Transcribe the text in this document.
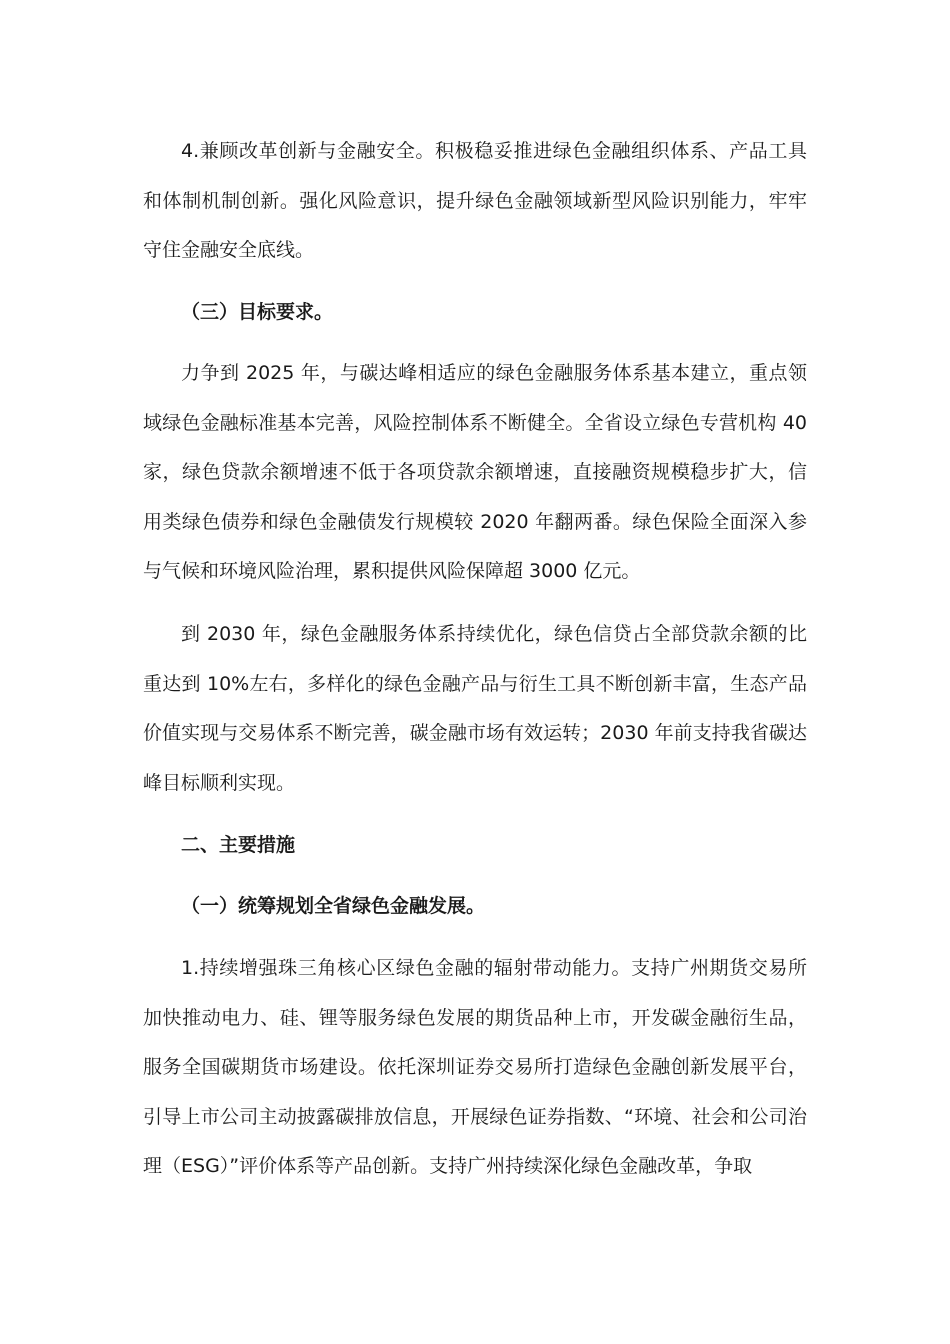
4.兼顾改革创新与金融安全。积极稳妥推进绿色金融组织体系、产品工具和体制机制创新。强化风险意识，提升绿色金融领域新型风险识别能力，牢牢守住金融安全底线。

（三）目标要求。

力争到 2025 年，与碳达峰相适应的绿色金融服务体系基本建立，重点领域绿色金融标准基本完善，风险控制体系不断健全。全省设立绿色专营机构 40 家，绿色贷款余额增速不低于各项贷款余额增速，直接融资规模稳步扩大，信用类绿色债券和绿色金融债发行规模较 2020 年翻两番。绿色保险全面深入参与气候和环境风险治理，累积提供风险保障超 3000 亿元。

到 2030 年，绿色金融服务体系持续优化，绿色信贷占全部贷款余额的比重达到 10%左右，多样化的绿色金融产品与衍生工具不断创新丰富，生态产品价值实现与交易体系不断完善，碳金融市场有效运转；2030 年前支持我省碳达峰目标顺利实现。

二、主要措施

（一）统筹规划全省绿色金融发展。

1.持续增强珠三角核心区绿色金融的辐射带动能力。支持广州期货交易所加快推动电力、硅、锂等服务绿色发展的期货品种上市，开发碳金融衍生品，服务全国碳期货市场建设。依托深圳证券交易所打造绿色金融创新发展平台，引导上市公司主动披露碳排放信息，开展绿色证券指数、“环境、社会和公司治理（ESG）”评价体系等产品创新。支持广州持续深化绿色金融改革，争取
